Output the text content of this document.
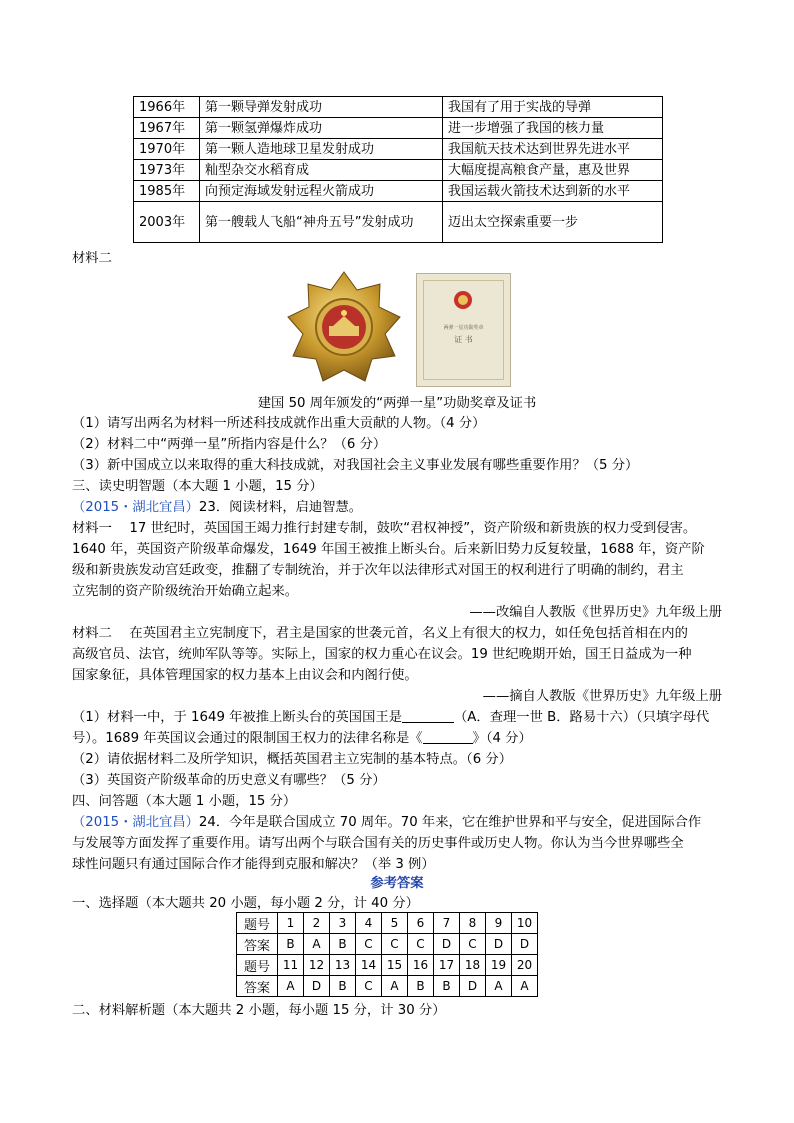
1966年	第一颗导弹发射成功	我国有了用于实战的导弹
1967年	第一颗氢弹爆炸成功	进一步增强了我国的核力量
1970年	第一颗人造地球卫星发射成功	我国航天技术达到世界先进水平
1973年	籼型杂交水稻育成	大幅度提高粮食产量，惠及世界
1985年	向预定海域发射远程火箭成功	我国运载火箭技术达到新的水平
2003年	第一艘载人飞船“神舟五号”发射成功	迈出太空探索重要一步
材料二
两弹一星功勋奖章
证 书
建国 50 周年颁发的“两弹一星”功勋奖章及证书
（1）请写出两名为材料一所述科技成就作出重大贡献的人物。（4 分）
（2）材料二中“两弹一星”所指内容是什么？（6 分）
（3）新中国成立以来取得的重大科技成就，对我国社会主义事业发展有哪些重要作用？（5 分）
三、读史明智题（本大题 1 小题，15 分）
（2015・湖北宜昌）23．阅读材料，启迪智慧。
材料一　 17 世纪时，英国国王竭力推行封建专制，鼓吹“君权神授”，资产阶级和新贵族的权力受到侵害。
1640 年，英国资产阶级革命爆发，1649 年国王被推上断头台。后来新旧势力反复较量，1688 年，资产阶
级和新贵族发动宫廷政变，推翻了专制统治，并于次年以法律形式对国王的权利进行了明确的制约，君主
立宪制的资产阶级统治开始确立起来。
——改编自人教版《世界历史》九年级上册
材料二　 在英国君主立宪制度下，君主是国家的世袭元首，名义上有很大的权力，如任免包括首相在内的
高级官员、法官，统帅军队等等。实际上，国家的权力重心在议会。19 世纪晚期开始，国王日益成为一种
国家象征，具体管理国家的权力基本上由议会和内阁行使。
——摘自人教版《世界历史》九年级上册
（1）材料一中，于 1649 年被推上断头台的英国国王是	（A．查理一世 B．路易十六）（只填字母代
号）。1689 年英国议会通过的限制国王权力的法律名称是《	》（4 分）
（2）请依据材料二及所学知识，概括英国君主立宪制的基本特点。（6 分）
（3）英国资产阶级革命的历史意义有哪些？（5 分）
四、问答题（本大题 1 小题，15 分）
（2015・湖北宜昌）24．今年是联合国成立 70 周年。70 年来，它在维护世界和平与安全，促进国际合作
与发展等方面发挥了重要作用。请写出两个与联合国有关的历史事件或历史人物。你认为当今世界哪些全
球性问题只有通过国际合作才能得到克服和解决？（举 3 例）
参考答案
一、选择题（本大题共 20 小题，每小题 2 分，计 40 分）
题号	1	2	3	4	5	6	7	8	9	10
答案	B	A	B	C	C	C	D	C	D	D
题号	11	12	13	14	15	16	17	18	19	20
答案	A	D	B	C	A	B	B	D	A	A
二、材料解析题（本大题共 2 小题，每小题 15 分，计 30 分）
